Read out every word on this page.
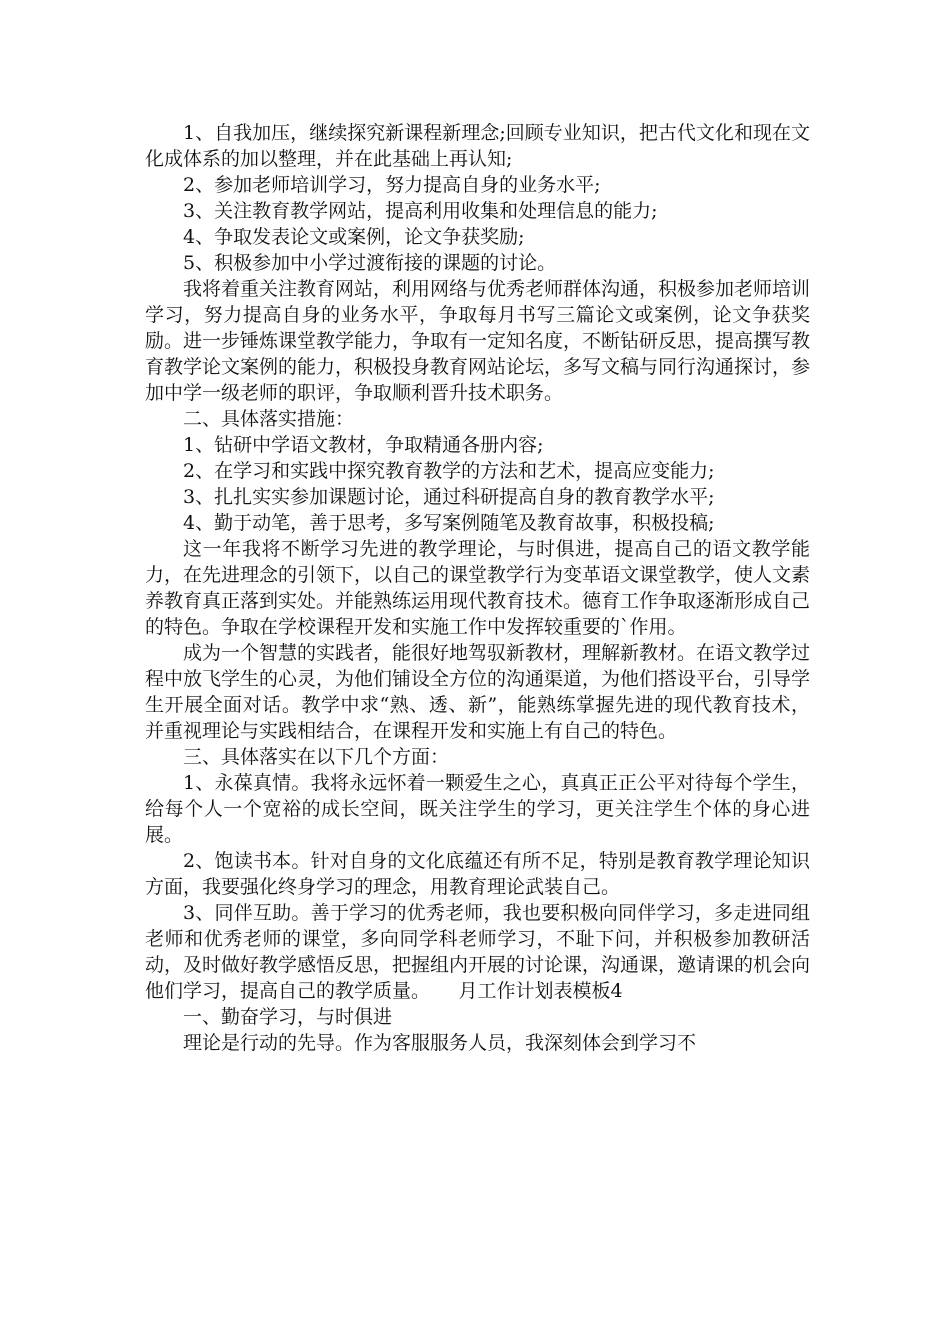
1、自我加压，继续探究新课程新理念;回顾专业知识，把古代文化和现在文化成体系的加以整理，并在此基础上再认知;

2、参加老师培训学习，努力提高自身的业务水平;

3、关注教育教学网站，提高利用收集和处理信息的能力;

4、争取发表论文或案例，论文争获奖励;

5、积极参加中小学过渡衔接的课题的讨论。

我将着重关注教育网站，利用网络与优秀老师群体沟通，积极参加老师培训学习，努力提高自身的业务水平，争取每月书写三篇论文或案例，论文争获奖励。进一步锤炼课堂教学能力，争取有一定知名度，不断钻研反思，提高撰写教育教学论文案例的能力，积极投身教育网站论坛，多写文稿与同行沟通探讨，参加中学一级老师的职评，争取顺利晋升技术职务。

二、具体落实措施：

1、钻研中学语文教材，争取精通各册内容;

2、在学习和实践中探究教育教学的方法和艺术，提高应变能力;

3、扎扎实实参加课题讨论，通过科研提高自身的教育教学水平;

4、勤于动笔，善于思考，多写案例随笔及教育故事，积极投稿;

这一年我将不断学习先进的教学理论，与时俱进，提高自己的语文教学能力，在先进理念的引领下，以自己的课堂教学行为变革语文课堂教学，使人文素养教育真正落到实处。并能熟练运用现代教育技术。德育工作争取逐渐形成自己的特色。争取在学校课程开发和实施工作中发挥较重要的`作用。

成为一个智慧的实践者，能很好地驾驭新教材，理解新教材。在语文教学过程中放飞学生的心灵，为他们铺设全方位的沟通渠道，为他们搭设平台，引导学生开展全面对话。教学中求“熟、透、新”，能熟练掌握先进的现代教育技术，并重视理论与实践相结合，在课程开发和实施上有自己的特色。

三、具体落实在以下几个方面：

1、永葆真情。我将永远怀着一颗爱生之心，真真正正公平对待每个学生，给每个人一个宽裕的成长空间，既关注学生的学习，更关注学生个体的身心进展。

2、饱读书本。针对自身的文化底蕴还有所不足，特别是教育教学理论知识方面，我要强化终身学习的理念，用教育理论武装自己。

3、同伴互助。善于学习的优秀老师，我也要积极向同伴学习，多走进同组老师和优秀老师的课堂，多向同学科老师学习，不耻下问，并积极参加教研活动，及时做好教学感悟反思，把握组内开展的讨论课，沟通课，邀请课的机会向他们学习，提高自己的教学质量。　　月工作计划表模板4

一、勤奋学习，与时俱进

理论是行动的先导。作为客服服务人员，我深刻体会到学习不
